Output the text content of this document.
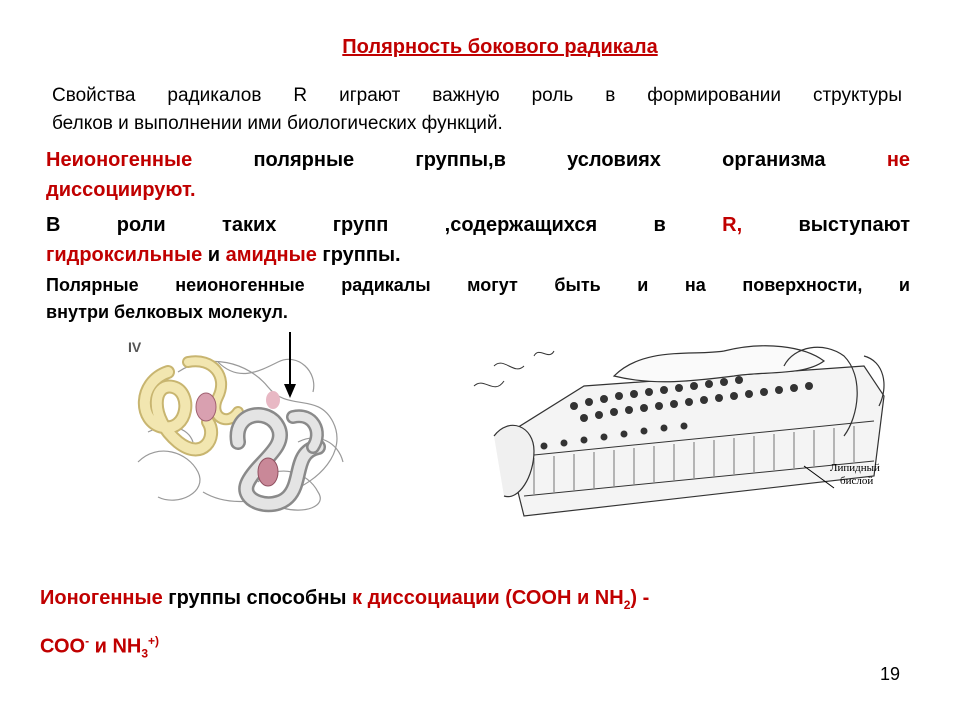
Полярность бокового радикала
Свойства радикалов R играют важную роль в формировании структуры
белков и выполнении ими биологических функций.
Неионогенные	полярные группы,в условиях организма	не
диссоциируют.
В роли таких групп ,содержащихся в	R,	выступают
гидроксильные и амидные группы.
Полярные неионогенные радикалы могут быть и на поверхности, и
внутри белковых молекул.
IV
Липидный
бислой
Ионогенные группы способны к диссоциации (СООН и $NH_2$) -
СОО- и $NH_3^{+)}$
19
